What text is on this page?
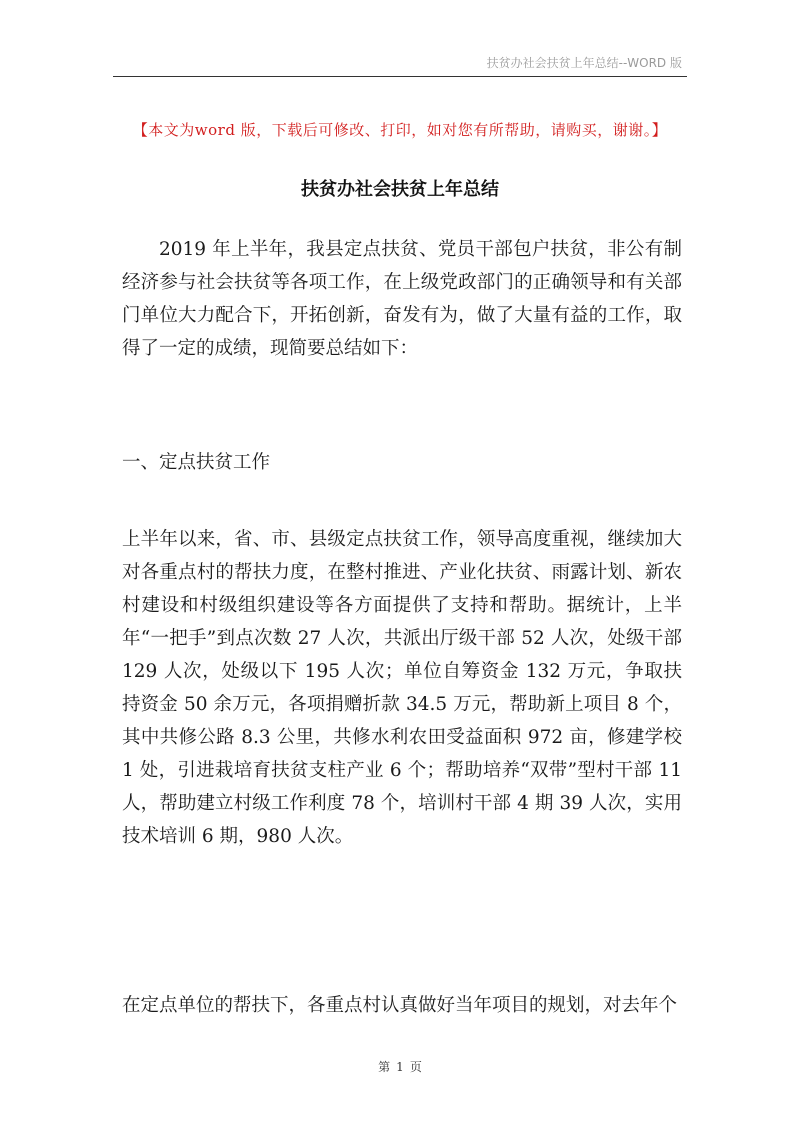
扶贫办社会扶贫上年总结--WORD 版
【本文为word 版，下载后可修改、打印，如对您有所帮助，请购买，谢谢。】
扶贫办社会扶贫上年总结

2019 年上半年，我县定点扶贫、党员干部包户扶贫，非公有制经济参与社会扶贫等各项工作，在上级党政部门的正确领导和有关部门单位大力配合下，开拓创新，奋发有为，做了大量有益的工作，取得了一定的成绩，现简要总结如下：

一、定点扶贫工作

上半年以来，省、市、县级定点扶贫工作，领导高度重视，继续加大对各重点村的帮扶力度，在整村推进、产业化扶贫、雨露计划、新农村建设和村级组织建设等各方面提供了支持和帮助。据统计，上半年“一把手”到点次数 27 人次，共派出厅级干部 52 人次，处级干部 129 人次，处级以下 195 人次；单位自筹资金 132 万元，争取扶持资金 50 余万元，各项捐赠折款 34.5 万元，帮助新上项目 8 个，其中共修公路 8.3 公里，共修水利农田受益面积 972 亩，修建学校 1 处，引进栽培育扶贫支柱产业 6 个；帮助培养“双带”型村干部 11 人，帮助建立村级工作利度 78 个，培训村干部 4 期 39 人次，实用技术培训 6 期，980 人次。

在定点单位的帮扶下，各重点村认真做好当年项目的规划，对去年个

第 1 页
